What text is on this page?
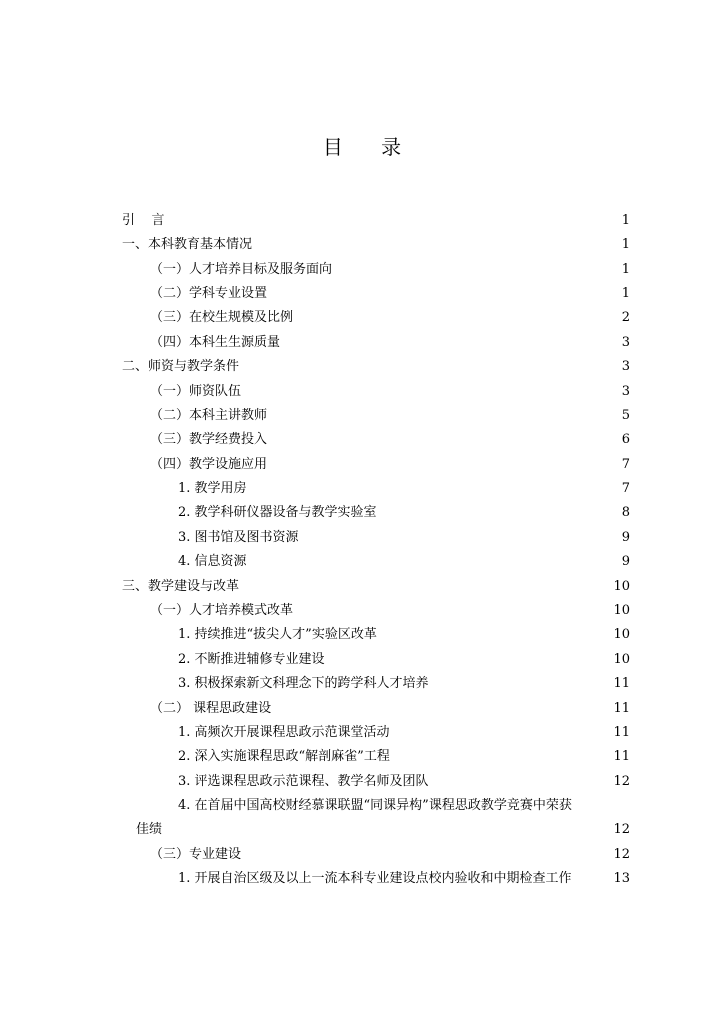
目 录
引    言	1
一、本科教育基本情况	1
（一）人才培养目标及服务面向	1
（二）学科专业设置	1
（三）在校生规模及比例	2
（四）本科生生源质量	3
二、师资与教学条件	3
（一）师资队伍	3
（二）本科主讲教师	5
（三）教学经费投入	6
（四）教学设施应用	7
1. 教学用房	7
2. 教学科研仪器设备与教学实验室	8
3. 图书馆及图书资源	9
4. 信息资源	9
三、教学建设与改革	10
（一）人才培养模式改革	10
1. 持续推进“拔尖人才”实验区改革	10
2. 不断推进辅修专业建设	10
3. 积极探索新文科理念下的跨学科人才培养	11
（二） 课程思政建设	11
1. 高频次开展课程思政示范课堂活动	11
2. 深入实施课程思政“解剖麻雀”工程	11
3. 评选课程思政示范课程、教学名师及团队	12
4. 在首届中国高校财经慕课联盟“同课异构”课程思政教学竞赛中荣获
佳绩	12
（三）专业建设	12
1. 开展自治区级及以上一流本科专业建设点校内验收和中期检查工作	13
